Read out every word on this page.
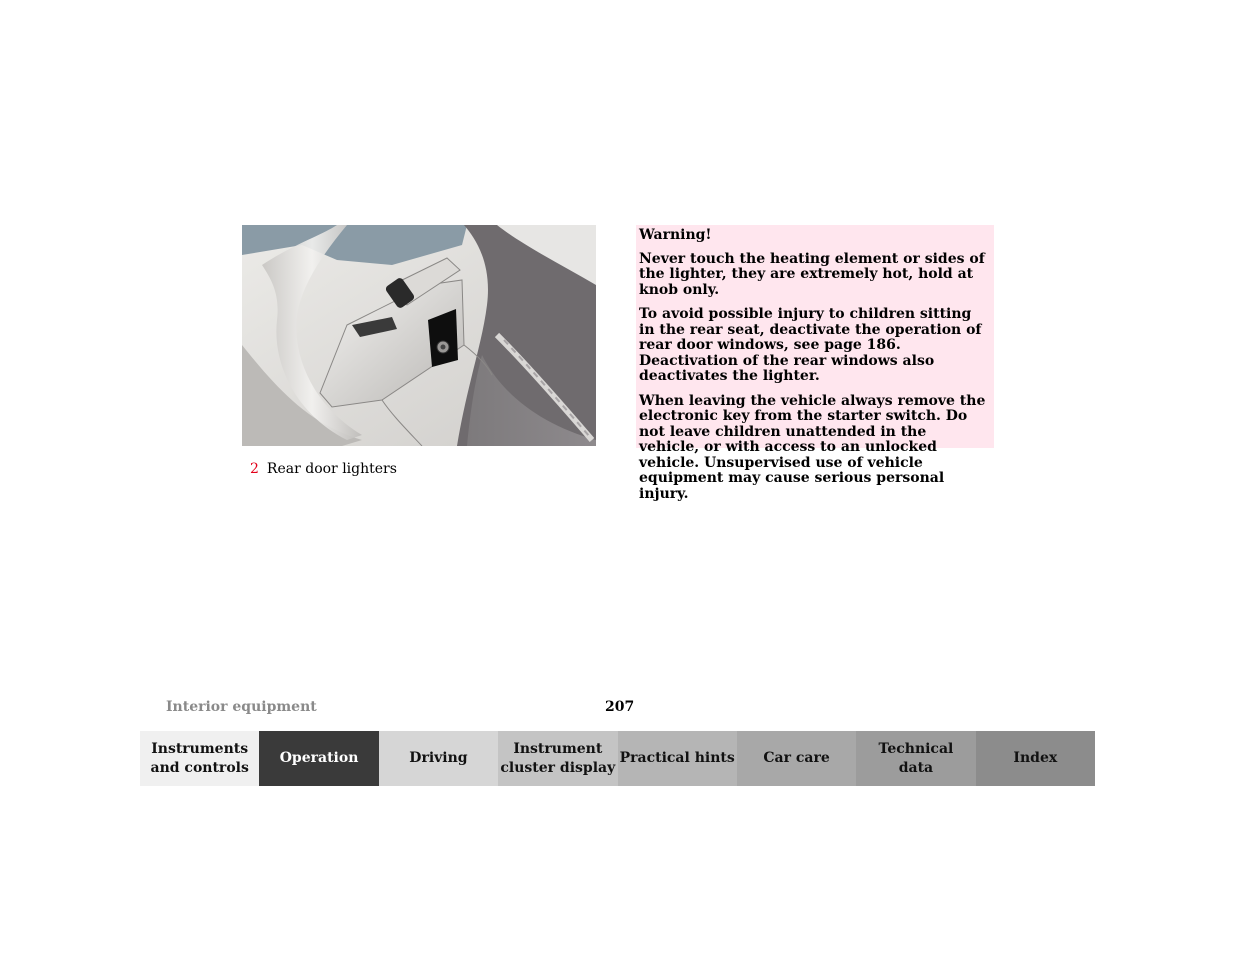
2 Rear door lighters

Warning!

Never touch the heating element or sides of the lighter, they are extremely hot, hold at knob only.

To avoid possible injury to children sitting in the rear seat, deactivate the operation of rear door windows, see page 186. Deactivation of the rear windows also deactivates the lighter.

When leaving the vehicle always remove the electronic key from the starter switch. Do not leave children unattended in the vehicle, or with access to an unlocked vehicle. Unsupervised use of vehicle equipment may cause serious personal injury.

Interior equipment	207
Instruments
and controls
Operation	Driving
Instrument
cluster display
Practical hints	Car care
Technical
data
Index
